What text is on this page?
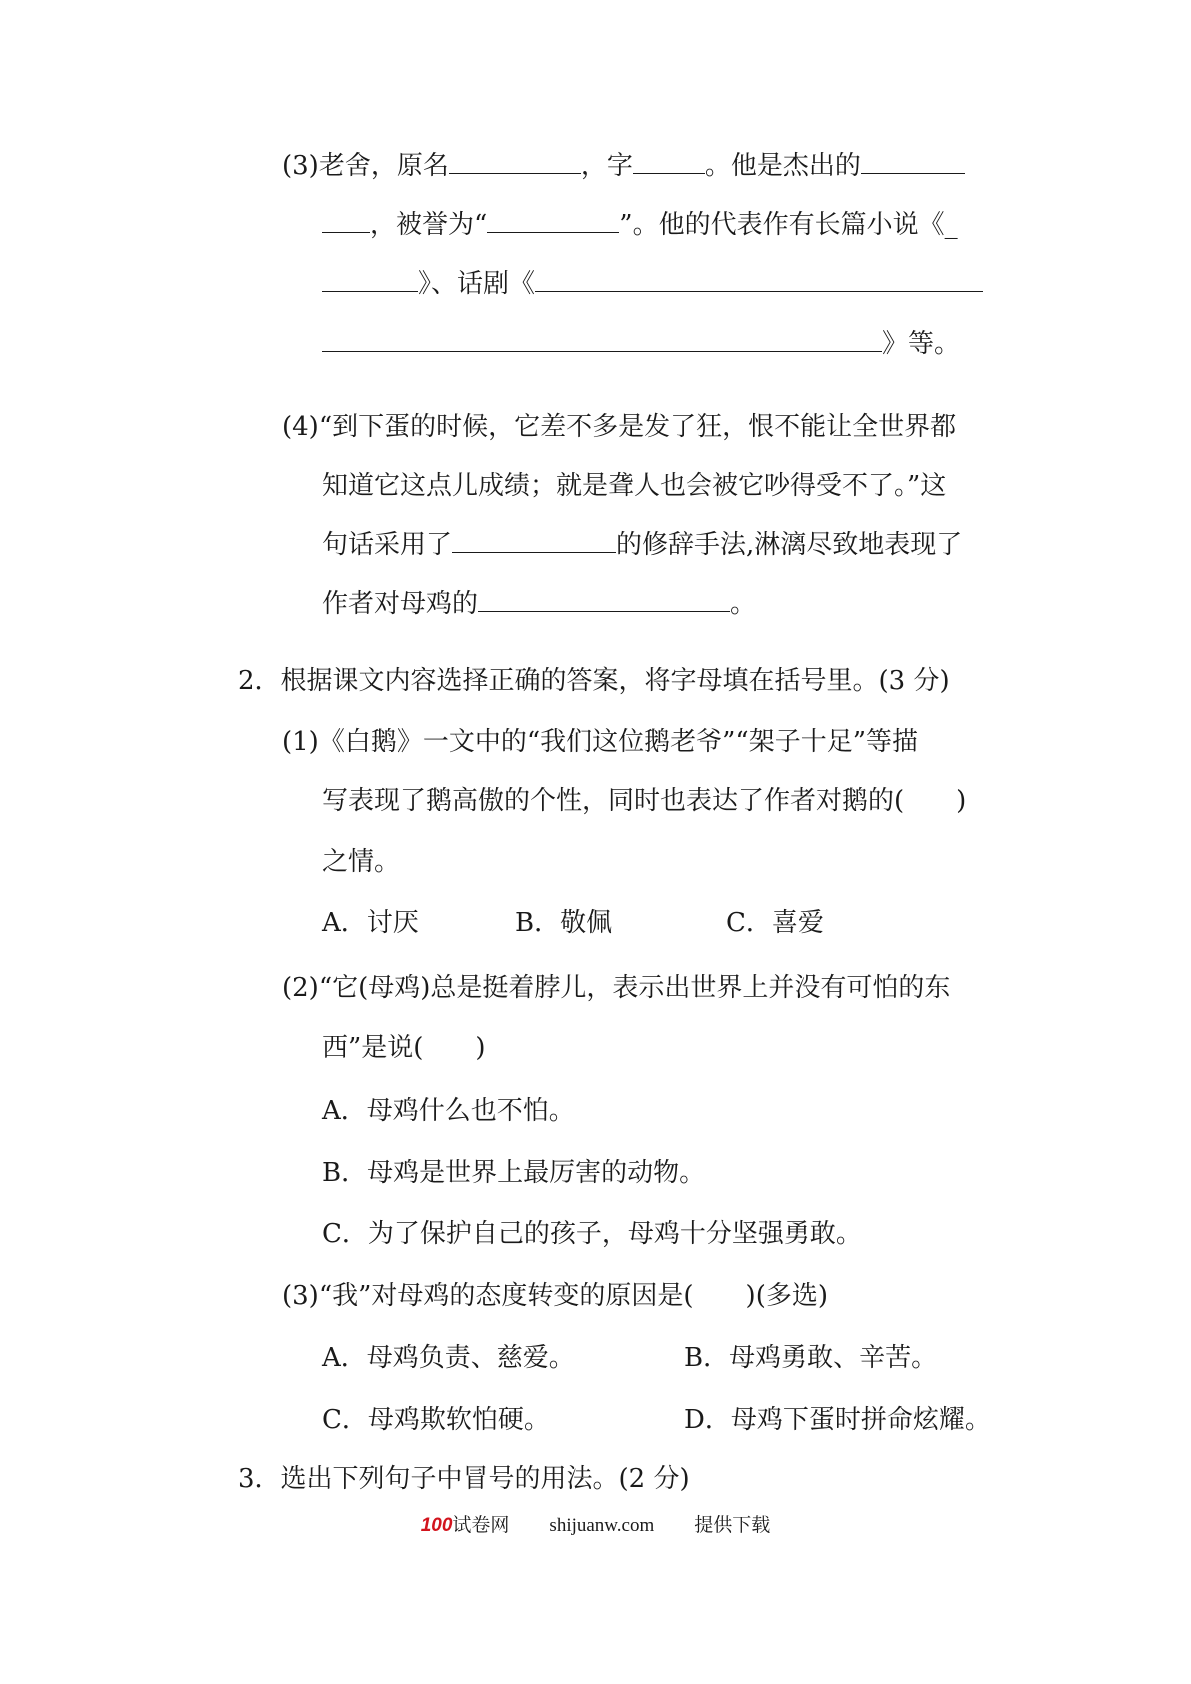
(3)老舍，原名	，字	。他是杰出的
，被誉为“	”。他的代表作有长篇小说《_
》、话剧《
》等。
(4)“到下蛋的时候，它差不多是发了狂，恨不能让全世界都
知道它这点儿成绩；就是聋人也会被它吵得受不了。”这
句话采用了	的修辞手法,淋漓尽致地表现了
作者对母鸡的	。
2．根据课文内容选择正确的答案，将字母填在括号里。(3 分)
(1)《白鹅》一文中的“我们这位鹅老爷”“架子十足”等描
写表现了鹅高傲的个性，同时也表达了作者对鹅的(　　)
之情。
A．讨厌	B．敬佩	C．喜爱
(2)“它(母鸡)总是挺着脖儿，表示出世界上并没有可怕的东
西”是说(　　)
A．母鸡什么也不怕。
B．母鸡是世界上最厉害的动物。
C．为了保护自己的孩子，母鸡十分坚强勇敢。
(3)“我”对母鸡的态度转变的原因是(　　)(多选)
A．母鸡负责、慈爱。	B．母鸡勇敢、辛苦。
C．母鸡欺软怕硬。	D．母鸡下蛋时拼命炫耀。
3．选出下列句子中冒号的用法。(2 分)
100试卷网 shijuanw.com 提供下载
